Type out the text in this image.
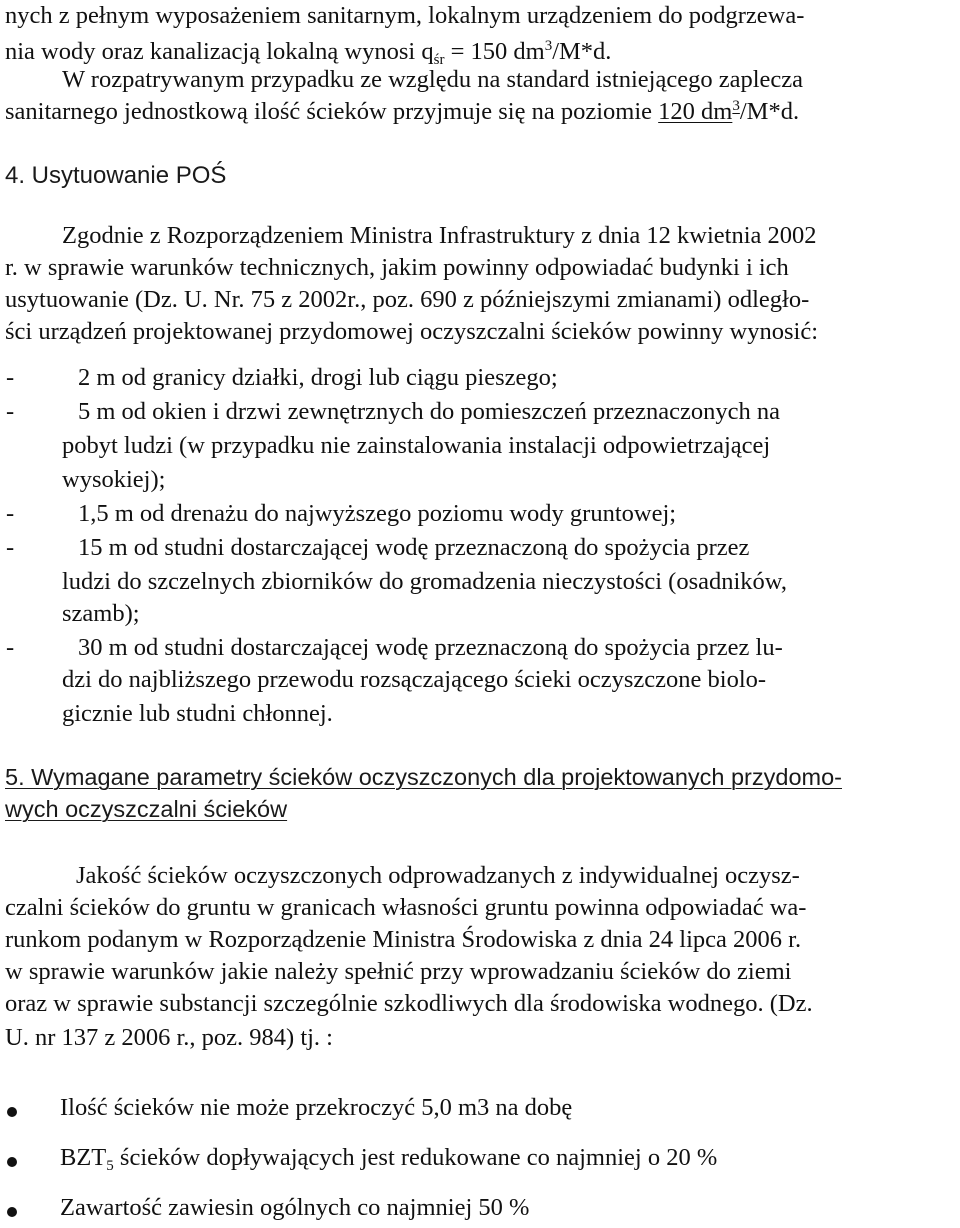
nych z pełnym wyposażeniem sanitarnym, lokalnym urządzeniem do podgrzewa-
nia wody oraz kanalizacją lokalną wynosi $q_{śr} = 150$ $dm^3/M*d$.
W rozpatrywanym przypadku ze względu na standard istniejącego zaplecza
sanitarnego jednostkową ilość ścieków przyjmuje się na poziomie 120 $dm^3/M*d$.
4. Usytuowanie POŚ
Zgodnie z Rozporządzeniem Ministra Infrastruktury z dnia 12 kwietnia 2002
r. w sprawie warunków technicznych, jakim powinny odpowiadać budynki i ich
usytuowanie (Dz. U. Nr. 75 z 2002r., poz. 690 z późniejszymi zmianami) odległo-
ści urządzeń projektowanej przydomowej oczyszczalni ścieków powinny wynosić:
-	2 m od granicy działki, drogi lub ciągu pieszego;
-	5 m od okien i drzwi zewnętrznych do pomieszczeń przeznaczonych na
pobyt ludzi (w przypadku nie zainstalowania instalacji odpowietrzającej
wysokiej);
-	1,5 m od drenażu do najwyższego poziomu wody gruntowej;
-	15 m od studni dostarczającej wodę przeznaczoną do spożycia przez
ludzi do szczelnych zbiorników do gromadzenia nieczystości (osadników,
szamb);
-	30 m od studni dostarczającej wodę przeznaczoną do spożycia przez lu-
dzi do najbliższego przewodu rozsączającego ścieki oczyszczone biolo-
gicznie lub studni chłonnej.
5. Wymagane parametry ścieków oczyszczonych dla projektowanych przydomo-
wych oczyszczalni ścieków
Jakość ścieków oczyszczonych odprowadzanych z indywidualnej oczysz-
czalni ścieków do gruntu w granicach własności gruntu powinna odpowiadać wa-
runkom podanym w Rozporządzenie Ministra Środowiska z dnia 24 lipca 2006 r.
w sprawie warunków jakie należy spełnić przy wprowadzaniu ścieków do ziemi
oraz w sprawie substancji szczególnie szkodliwych dla środowiska wodnego. (Dz.
U. nr 137 z 2006 r., poz. 984) tj. :
Ilość ścieków nie może przekroczyć 5,0 m3 na dobę
$BZT_5$ ścieków dopływających jest redukowane co najmniej o 20 %
Zawartość zawiesin ogólnych co najmniej 50 %
